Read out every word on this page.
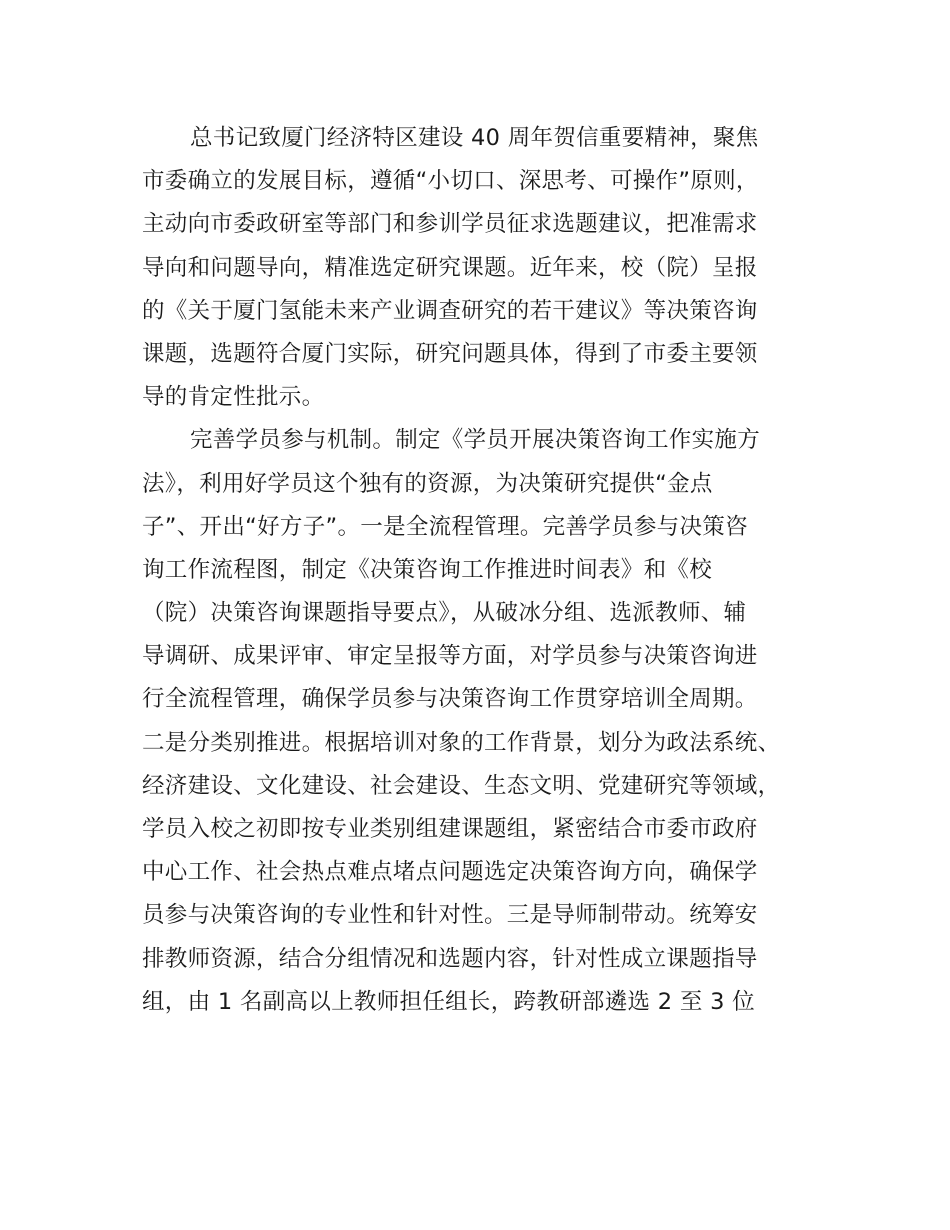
总书记致厦门经济特区建设 40 周年贺信重要精神，聚焦
市委确立的发展目标，遵循“小切口、深思考、可操作”原则，
主动向市委政研室等部门和参训学员征求选题建议，把准需求
导向和问题导向，精准选定研究课题。近年来，校（院）呈报
的《关于厦门氢能未来产业调查研究的若干建议》等决策咨询
课题，选题符合厦门实际，研究问题具体，得到了市委主要领
导的肯定性批示。
完善学员参与机制。制定《学员开展决策咨询工作实施方
法》，利用好学员这个独有的资源，为决策研究提供“金点
子”、开出“好方子”。一是全流程管理。完善学员参与决策咨
询工作流程图，制定《决策咨询工作推进时间表》和《校
（院）决策咨询课题指导要点》，从破冰分组、选派教师、辅
导调研、成果评审、审定呈报等方面，对学员参与决策咨询进
行全流程管理，确保学员参与决策咨询工作贯穿培训全周期。
二是分类别推进。根据培训对象的工作背景，划分为政法系统、
经济建设、文化建设、社会建设、生态文明、党建研究等领域，
学员入校之初即按专业类别组建课题组，紧密结合市委市政府
中心工作、社会热点难点堵点问题选定决策咨询方向，确保学
员参与决策咨询的专业性和针对性。三是导师制带动。统筹安
排教师资源，结合分组情况和选题内容，针对性成立课题指导
组，由 1 名副高以上教师担任组长，跨教研部遴选 2 至 3 位
